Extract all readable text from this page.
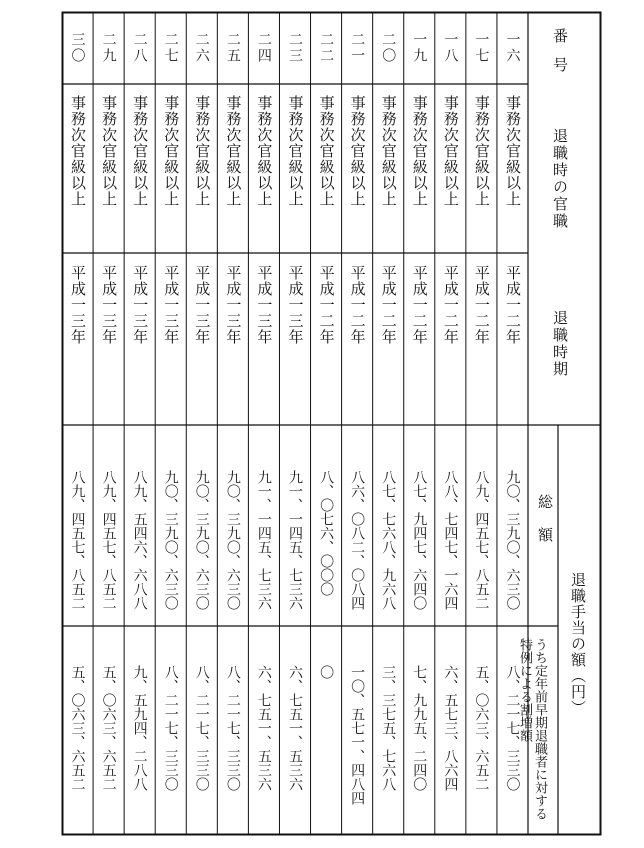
番号
退職時の官職
退職時期
退職手当の額（円）
総額
うち定年前早期退職者に対する特例による割増額
一六
事務次官級以上
平成一二年
九〇、三九〇、六三〇
八、二一七、三三〇
一七
事務次官級以上
平成一二年
八九、四五七、八五二
五、〇六三、六五二
一八
事務次官級以上
平成一二年
八八、七四七、一六四
六、五七三、八六四
一九
事務次官級以上
平成一二年
八七、九四七、六四〇
七、九九五、二四〇
二〇
事務次官級以上
平成一二年
八七、七六八、九六八
三、三七五、七六八
二一
事務次官級以上
平成一二年
八六、〇八二、〇八四
一〇、五七一、四八四
二二
事務次官級以上
平成一二年
八、〇七六、〇〇〇
〇
二三
事務次官級以上
平成一三年
九一、一四五、七三六
六、七五一、五三六
二四
事務次官級以上
平成一三年
九一、一四五、七三六
六、七五一、五三六
二五
事務次官級以上
平成一三年
九〇、三九〇、六三〇
八、二一七、三三〇
二六
事務次官級以上
平成一三年
九〇、三九〇、六三〇
八、二一七、三三〇
二七
事務次官級以上
平成一三年
九〇、三九〇、六三〇
八、二一七、三三〇
二八
事務次官級以上
平成一三年
八九、五四六、六八八
九、五九四、二八八
二九
事務次官級以上
平成一三年
八九、四五七、八五二
五、〇六三、六五二
三〇
事務次官級以上
平成一三年
八九、四五七、八五二
五、〇六三、六五二
